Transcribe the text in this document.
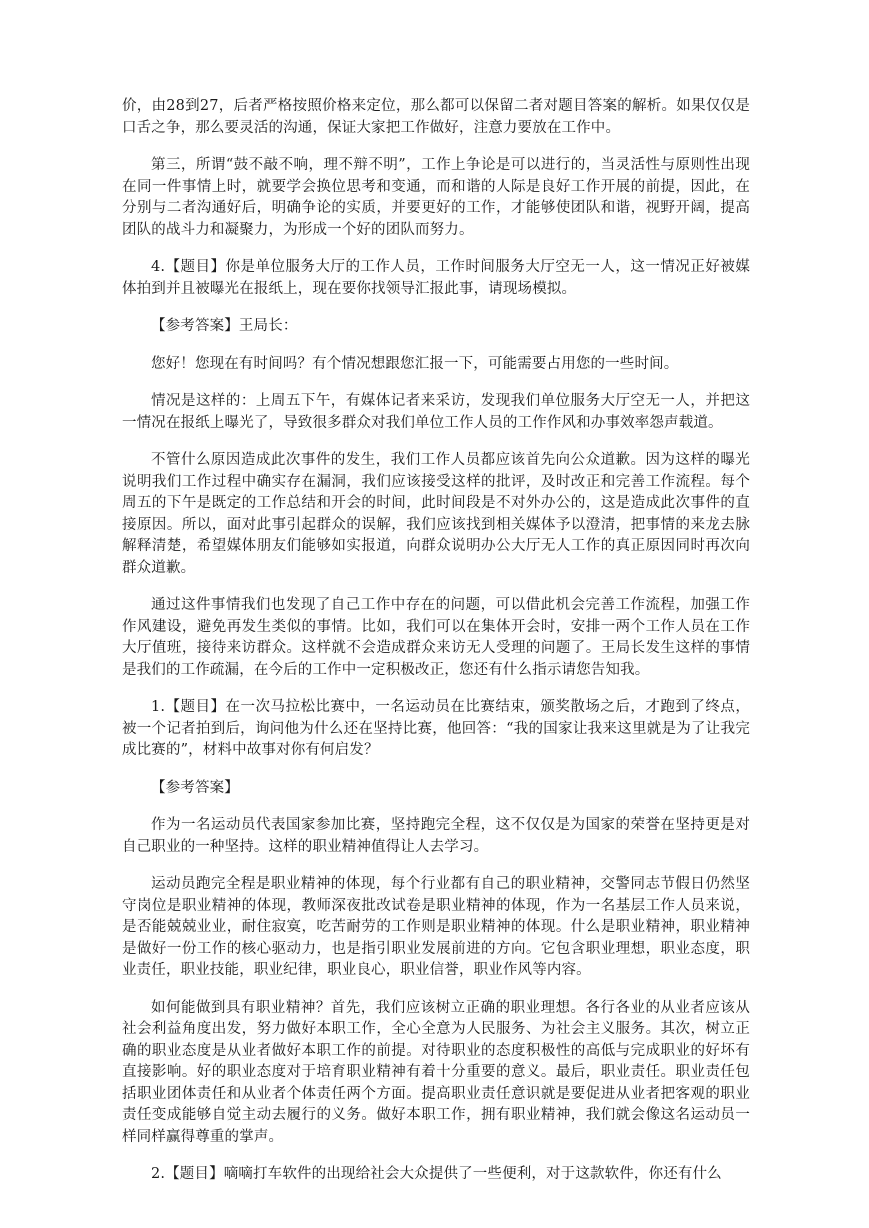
价，由28到27，后者严格按照价格来定位，那么都可以保留二者对题目答案的解析。如果仅仅是口舌之争，那么要灵活的沟通，保证大家把工作做好，注意力要放在工作中。

第三，所谓“鼓不敲不响，理不辩不明”，工作上争论是可以进行的，当灵活性与原则性出现在同一件事情上时，就要学会换位思考和变通，而和谐的人际是良好工作开展的前提，因此，在分别与二者沟通好后，明确争论的实质，并要更好的工作，才能够使团队和谐，视野开阔，提高团队的战斗力和凝聚力，为形成一个好的团队而努力。

4.【题目】你是单位服务大厅的工作人员，工作时间服务大厅空无一人，这一情况正好被媒体拍到并且被曝光在报纸上，现在要你找领导汇报此事，请现场模拟。

【参考答案】王局长：

您好！您现在有时间吗？有个情况想跟您汇报一下，可能需要占用您的一些时间。

情况是这样的：上周五下午，有媒体记者来采访，发现我们单位服务大厅空无一人，并把这一情况在报纸上曝光了，导致很多群众对我们单位工作人员的工作作风和办事效率怨声载道。

不管什么原因造成此次事件的发生，我们工作人员都应该首先向公众道歉。因为这样的曝光说明我们工作过程中确实存在漏洞，我们应该接受这样的批评，及时改正和完善工作流程。每个周五的下午是既定的工作总结和开会的时间，此时间段是不对外办公的，这是造成此次事件的直接原因。所以，面对此事引起群众的误解，我们应该找到相关媒体予以澄清，把事情的来龙去脉解释清楚，希望媒体朋友们能够如实报道，向群众说明办公大厅无人工作的真正原因同时再次向群众道歉。

通过这件事情我们也发现了自己工作中存在的问题，可以借此机会完善工作流程，加强工作作风建设，避免再发生类似的事情。比如，我们可以在集体开会时，安排一两个工作人员在工作大厅值班，接待来访群众。这样就不会造成群众来访无人受理的问题了。王局长发生这样的事情是我们的工作疏漏，在今后的工作中一定积极改正，您还有什么指示请您告知我。

1.【题目】在一次马拉松比赛中，一名运动员在比赛结束，颁奖散场之后，才跑到了终点，被一个记者拍到后，询问他为什么还在坚持比赛，他回答：“我的国家让我来这里就是为了让我完成比赛的”，材料中故事对你有何启发？

【参考答案】

作为一名运动员代表国家参加比赛，坚持跑完全程，这不仅仅是为国家的荣誉在坚持更是对自己职业的一种坚持。这样的职业精神值得让人去学习。

运动员跑完全程是职业精神的体现，每个行业都有自己的职业精神，交警同志节假日仍然坚守岗位是职业精神的体现，教师深夜批改试卷是职业精神的体现，作为一名基层工作人员来说，是否能兢兢业业，耐住寂寞，吃苦耐劳的工作则是职业精神的体现。什么是职业精神，职业精神是做好一份工作的核心驱动力，也是指引职业发展前进的方向。它包含职业理想，职业态度，职业责任，职业技能，职业纪律，职业良心，职业信誉，职业作风等内容。

如何能做到具有职业精神？首先，我们应该树立正确的职业理想。各行各业的从业者应该从社会利益角度出发，努力做好本职工作，全心全意为人民服务、为社会主义服务。其次，树立正确的职业态度是从业者做好本职工作的前提。对待职业的态度积极性的高低与完成职业的好坏有直接影响。好的职业态度对于培育职业精神有着十分重要的意义。最后，职业责任。职业责任包括职业团体责任和从业者个体责任两个方面。提高职业责任意识就是要促进从业者把客观的职业责任变成能够自觉主动去履行的义务。做好本职工作，拥有职业精神，我们就会像这名运动员一样同样赢得尊重的掌声。

2.【题目】嘀嘀打车软件的出现给社会大众提供了一些便利，对于这款软件，你还有什么
